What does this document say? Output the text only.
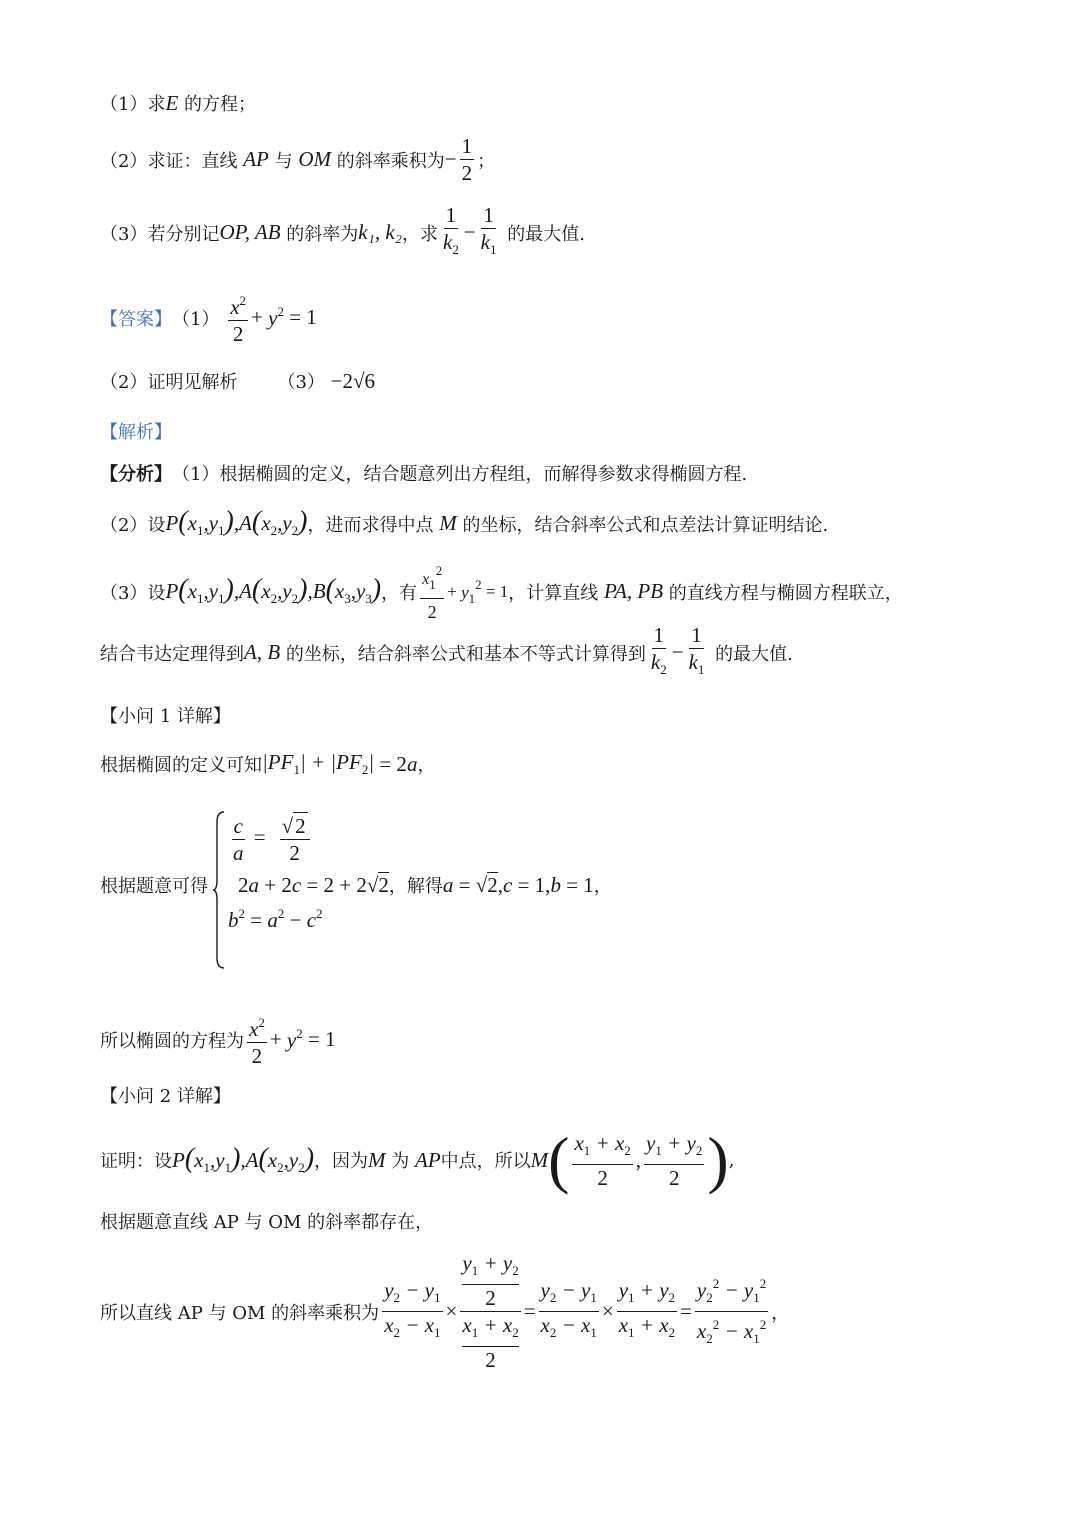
（1）求 E
的方程；
（2）求证：直线
AP
与
OM
的斜率乘积为 − $\frac{1}{2}$ ；
（3）若分别记 OP, AB
的斜率为 k₁, k₂ ，求 $\frac{1}{k_2} - \frac{1}{k_1}$
的最大值.
【答案】 （1）
$\frac{x^2}{2} + y^2 = 1$
（2）证明见解析 （3）
−2√6
【解析】
【分析】 （1）根据椭圆的定义，结合题意列出方程组，而解得参数求得椭圆方程.
（2）设 $P(x_1,y_1),A(x_2,y_2)$ ，进而求得中点
M
的坐标，结合斜率公式和点差法计算证明结论.
（3）设 $P(x_1,y_1),A(x_2,y_2),B(x_3,y_3)$ ，有 $\frac{x_1^2}{2} + y_1^2 = 1$ ，计算直线
PA, PB
的直线方程与椭圆方程联立，
结合韦达定理得到 A, B
的坐标，结合斜率公式和基本不等式计算得到 $\frac{1}{k_2} - \frac{1}{k_1}$
的最大值.
【小问 1 详解】
根据椭圆的定义可知 $|PF_1| + |PF_2| = 2$ a ，
$\frac{c}{a} = \frac{√ 2}{2}$
根据题意可得 2 a + 2 c = 2 + 2√2 ，解得 a = √2, c = 1, b = 1 ，
$b^2 = a^2 - c^2$
所以椭圆的方程为 $\frac{x^2}{2} + y^2 = 1$
【小问 2 详解】
证明：设 $P(x_1,y_1),A(x_2,y_2)$ ，因为 M
为
AP 中点，所以 M ( $\frac{x_1 + x_2}{2}$ , $\frac{y_1 + y_2}{2}$ ) ,
根据题意直线 AP 与 OM 的斜率都存在，
所以直线 AP 与 OM 的斜率乘积为 $\frac{y_2 - y_1}{x_2 - x_1} \times y_1 + y_2$
2
$x_1 + x_2$
$2 = \frac{y_2 - y_1}{x_2 - x_1} \times \frac{y_1 + y_2}{x_1 + x_2} = \frac{y_2^2 - y_1^2}{x_2^2 - x_1^2}$ ，
